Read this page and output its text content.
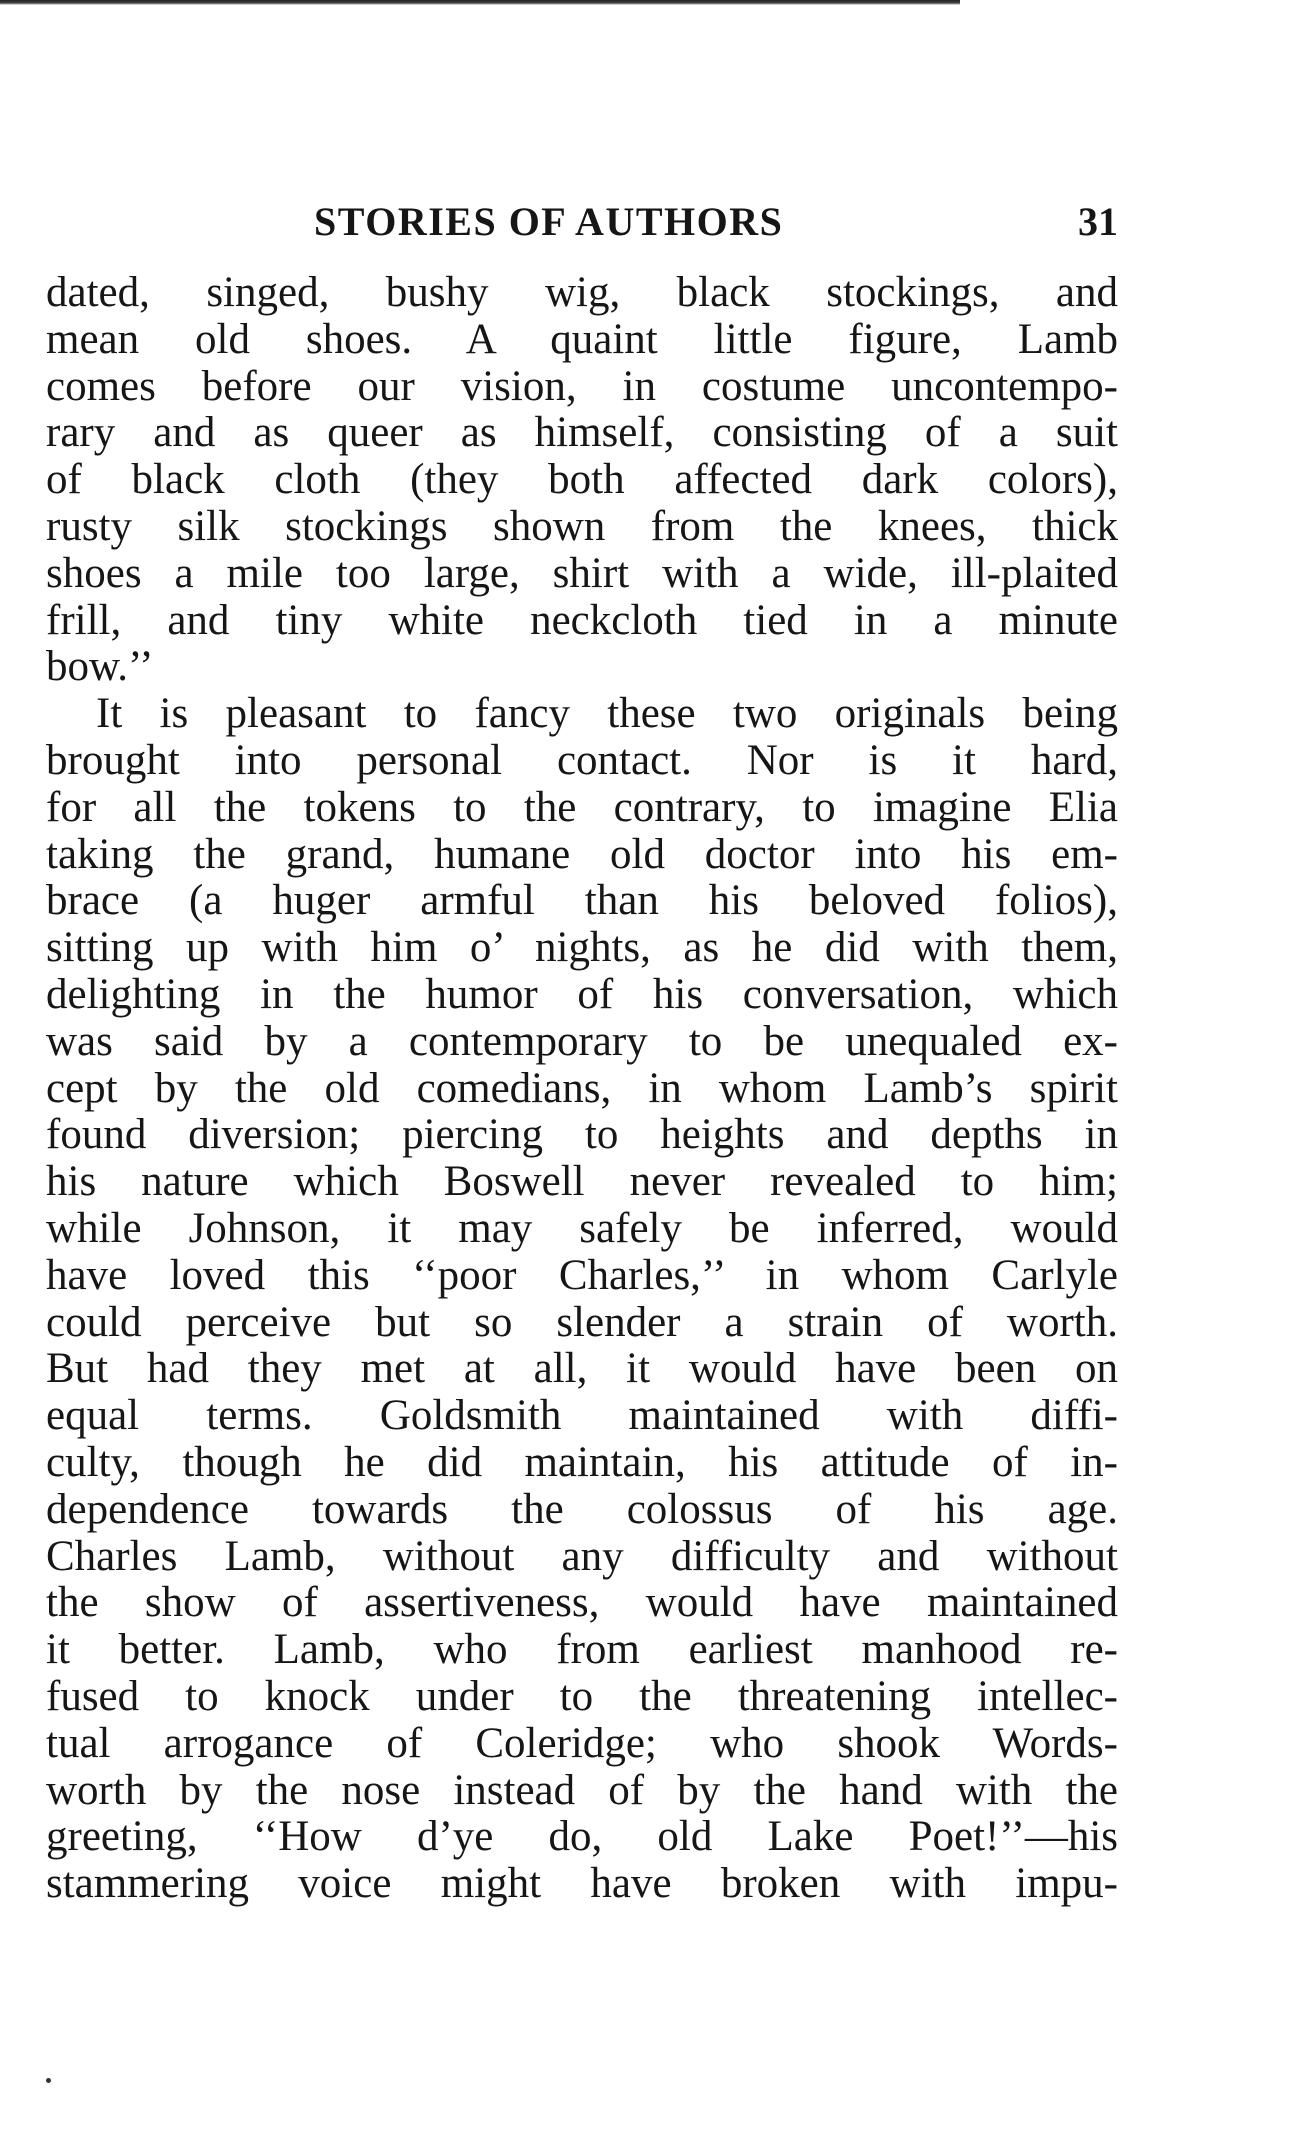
STORIES OF AUTHORS	31
dated, singed, bushy wig, black stockings, and
mean old shoes. A quaint little figure, Lamb
comes before our vision, in costume uncontempo-
rary and as queer as himself, consisting of a suit
of black cloth (they both affected dark colors),
rusty silk stockings shown from the knees, thick
shoes a mile too large, shirt with a wide, ill-plaited
frill, and tiny white neckcloth tied in a minute
bow.’’
It is pleasant to fancy these two originals being
brought into personal contact. Nor is it hard,
for all the tokens to the contrary, to imagine Elia
taking the grand, humane old doctor into his em-
brace (a huger armful than his beloved folios),
sitting up with him o’ nights, as he did with them,
delighting in the humor of his conversation, which
was said by a contemporary to be unequaled ex-
cept by the old comedians, in whom Lamb’s spirit
found diversion; piercing to heights and depths in
his nature which Boswell never revealed to him;
while Johnson, it may safely be inferred, would
have loved this ‘‘poor Charles,’’ in whom Carlyle
could perceive but so slender a strain of worth.
But had they met at all, it would have been on
equal terms. Goldsmith maintained with diffi-
culty, though he did maintain, his attitude of in-
dependence towards the colossus of his age.
Charles Lamb, without any difficulty and without
the show of assertiveness, would have maintained
it better. Lamb, who from earliest manhood re-
fused to knock under to the threatening intellec-
tual arrogance of Coleridge; who shook Words-
worth by the nose instead of by the hand with the
greeting, ‘‘How d’ye do, old Lake Poet!’’—his
stammering voice might have broken with impu-
